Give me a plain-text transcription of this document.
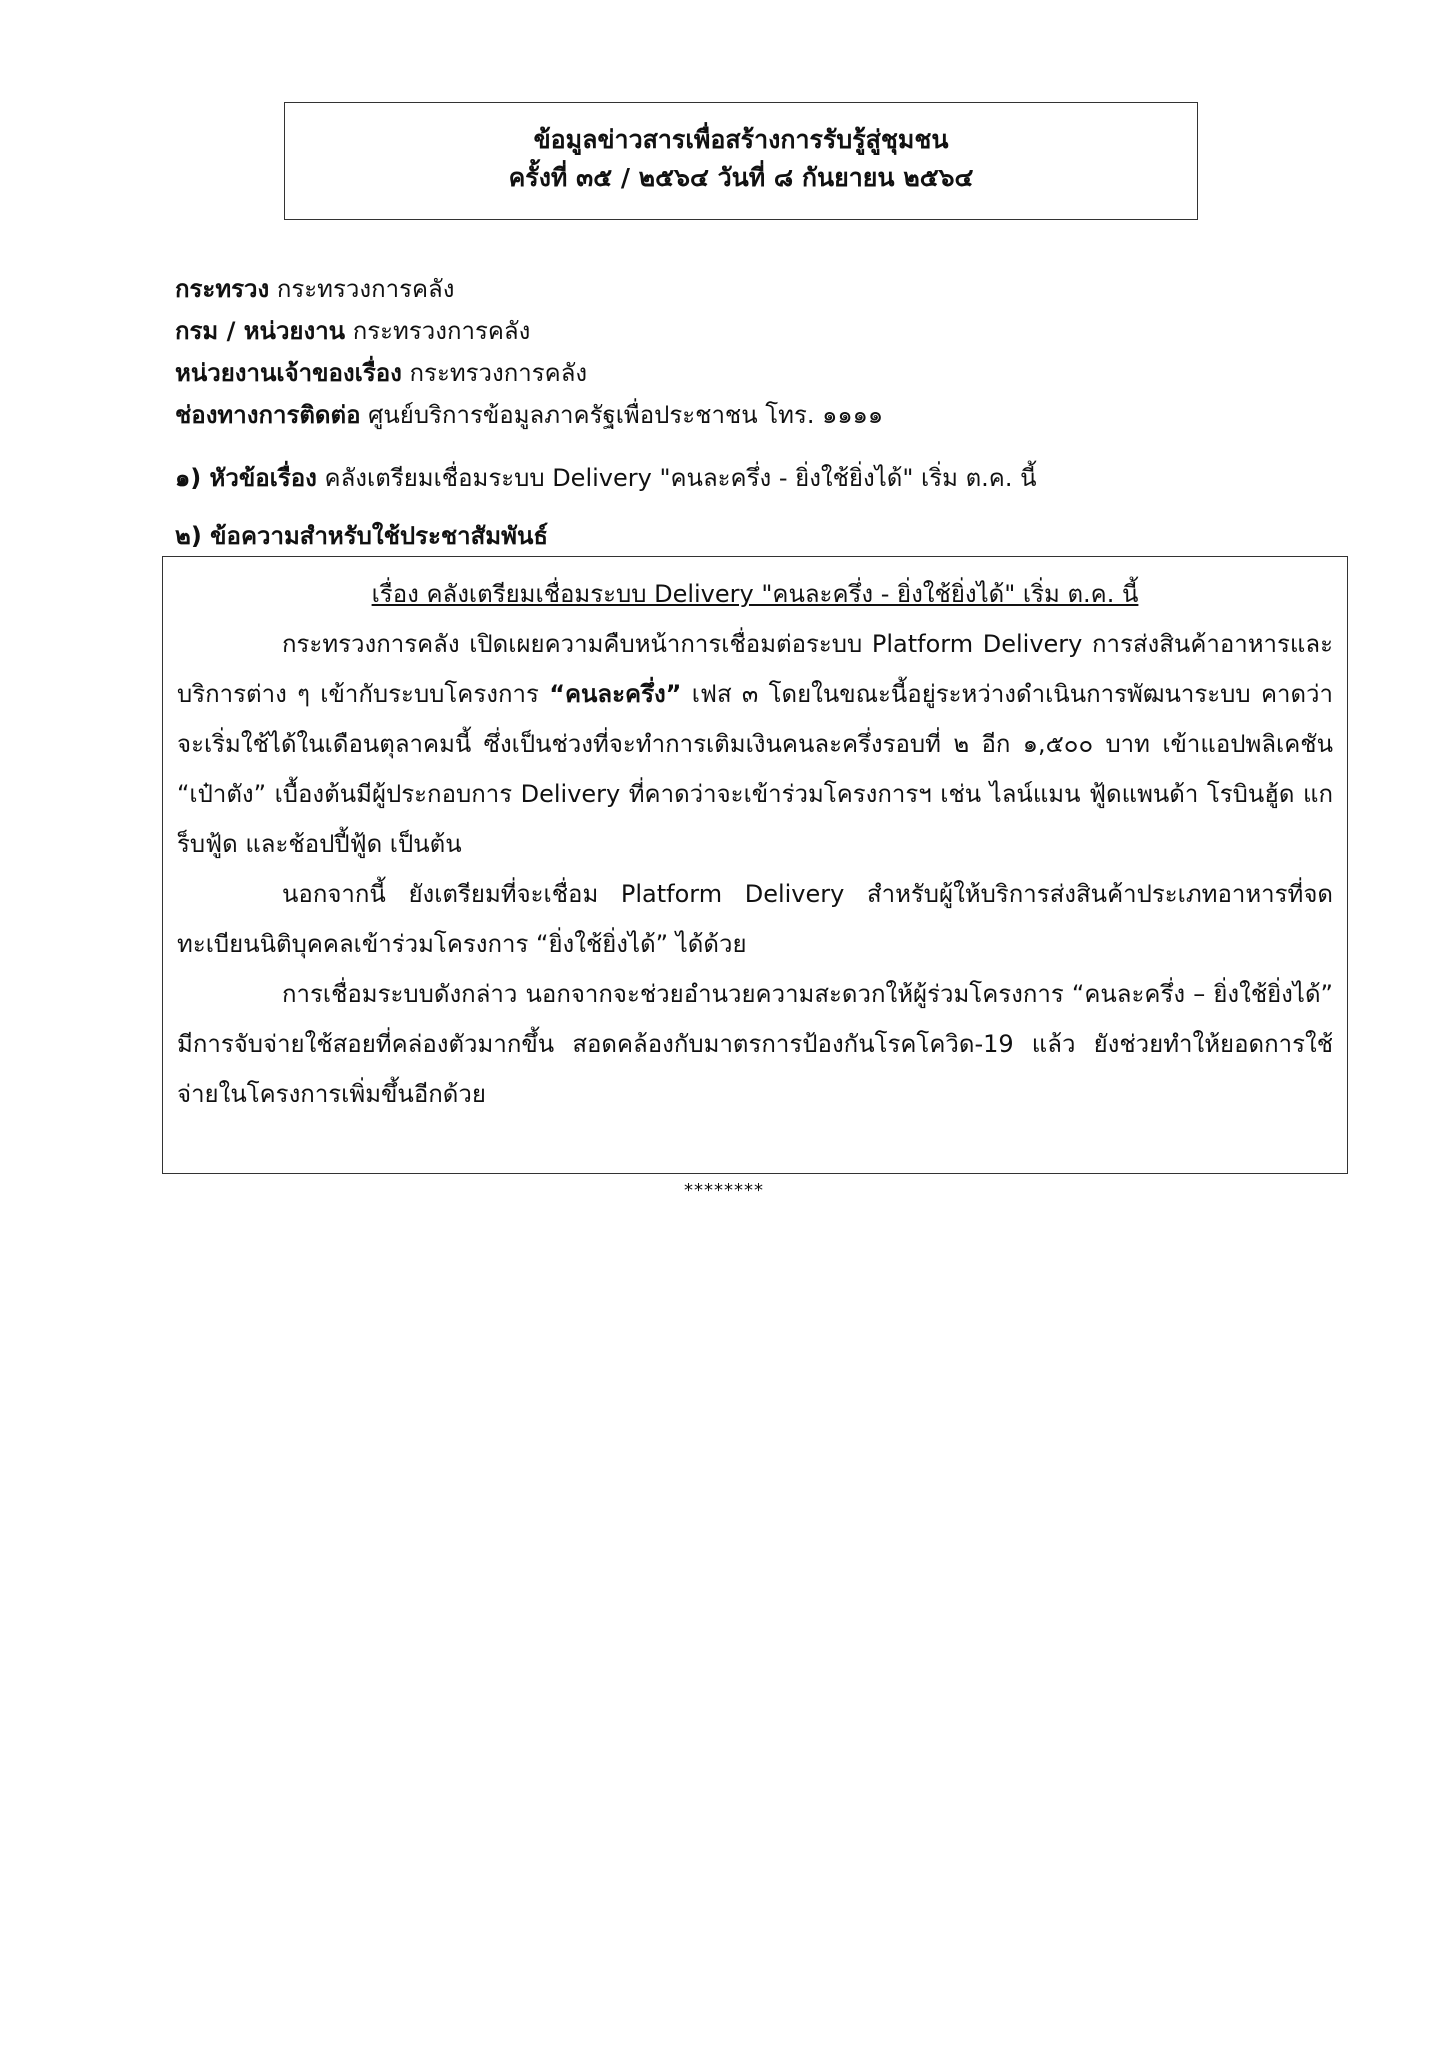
ข้อมูลข่าวสารเพื่อสร้างการรับรู้สู่ชุมชน
ครั้งที่ ๓๕ / ๒๕๖๔ วันที่ ๘ กันยายน ๒๕๖๔
กระทรวง กระทรวงการคลัง
กรม / หน่วยงาน กระทรวงการคลัง
หน่วยงานเจ้าของเรื่อง กระทรวงการคลัง
ช่องทางการติดต่อ ศูนย์บริการข้อมูลภาครัฐเพื่อประชาชน โทร. ๑๑๑๑
๑) หัวข้อเรื่อง คลังเตรียมเชื่อมระบบ Delivery "คนละครึ่ง - ยิ่งใช้ยิ่งได้" เริ่ม ต.ค. นี้
๒) ข้อความสำหรับใช้ประชาสัมพันธ์
เรื่อง คลังเตรียมเชื่อมระบบ Delivery "คนละครึ่ง - ยิ่งใช้ยิ่งได้" เริ่ม ต.ค. นี้

กระทรวงการคลัง เปิดเผยความคืบหน้าการเชื่อมต่อระบบ Platform Delivery การส่งสินค้าอาหารและบริการต่าง ๆ เข้ากับระบบโครงการ “คนละครึ่ง” เฟส ๓ โดยในขณะนี้อยู่ระหว่างดำเนินการพัฒนาระบบ คาดว่าจะเริ่มใช้ได้ในเดือนตุลาคมนี้ ซึ่งเป็นช่วงที่จะทำการเติมเงินคนละครึ่งรอบที่ ๒ อีก ๑,๕๐๐ บาท เข้าแอปพลิเคชัน “เป๋าตัง” เบื้องต้นมีผู้ประกอบการ Delivery ที่คาดว่าจะเข้าร่วมโครงการฯ เช่น ไลน์แมน ฟู้ดแพนด้า โรบินฮู้ด แกร็บฟู้ด และช้อปปี้ฟู้ด เป็นต้น

นอกจากนี้ ยังเตรียมที่จะเชื่อม Platform Delivery สำหรับผู้ให้บริการส่งสินค้าประเภทอาหารที่จดทะเบียนนิติบุคคลเข้าร่วมโครงการ “ยิ่งใช้ยิ่งได้” ได้ด้วย

การเชื่อมระบบดังกล่าว นอกจากจะช่วยอำนวยความสะดวกให้ผู้ร่วมโครงการ “คนละครึ่ง – ยิ่งใช้ยิ่งได้” มีการจับจ่ายใช้สอยที่คล่องตัวมากขึ้น สอดคล้องกับมาตรการป้องกันโรคโควิด-19 แล้ว ยังช่วยทำให้ยอดการใช้จ่ายในโครงการเพิ่มขึ้นอีกด้วย

********
